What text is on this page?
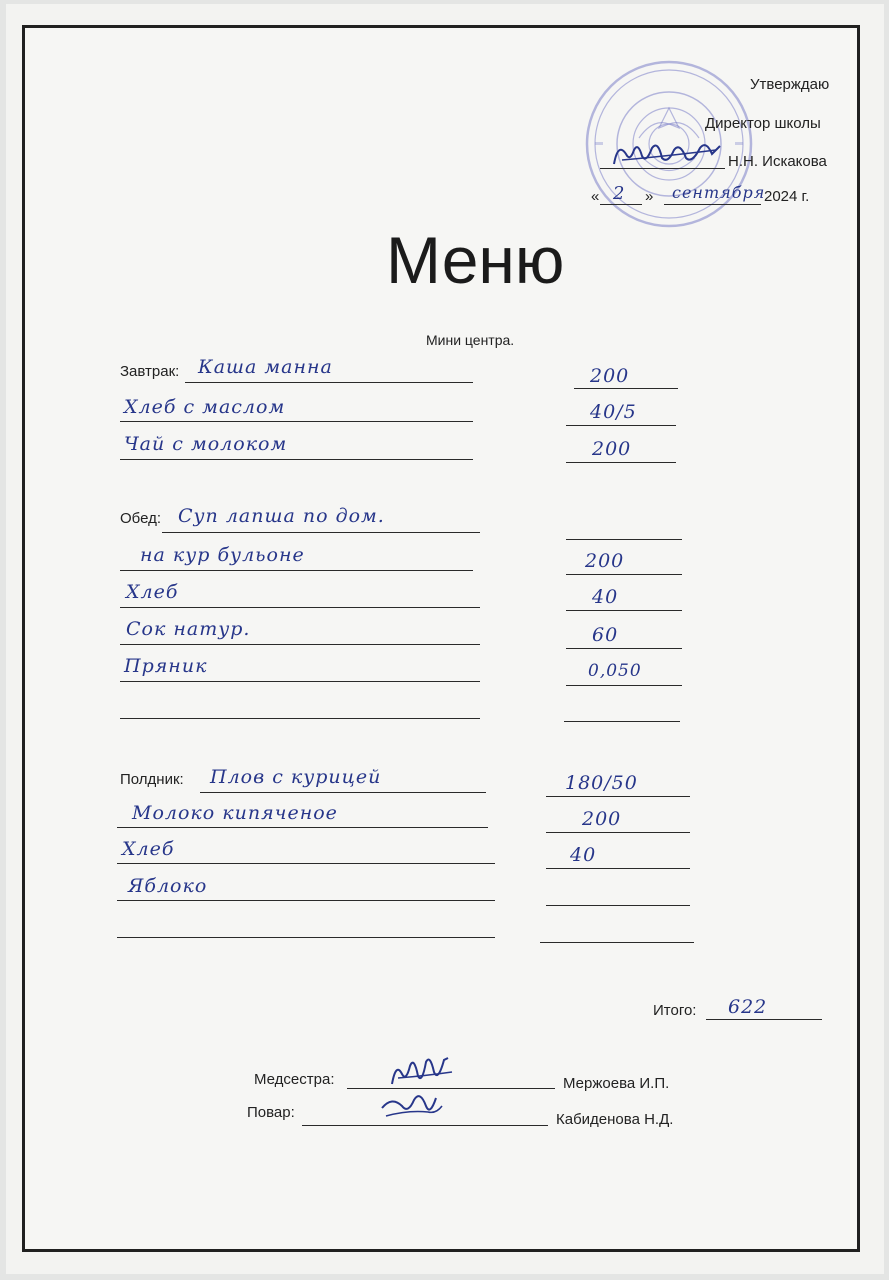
Утверждаю
Директор школы
Н.Н. Искакова
« 2 » сентября
2024 г.
Меню
Мини центра.
Завтрак: Каша манна	200
Хлеб с маслом	40/5
Чай с молоком	200
Обед: Суп лапша по дом.
на кур бульоне	200
Хлеб	40
Сок натур.	60
Пряник	0,050
Полдник: Плов с курицей	180/50
Молоко кипяченое	200
Хлеб	40
Яблоко
Итого: 622
Медсестра:	Мержоева И.П.
Повар:	Кабиденова Н.Д.
